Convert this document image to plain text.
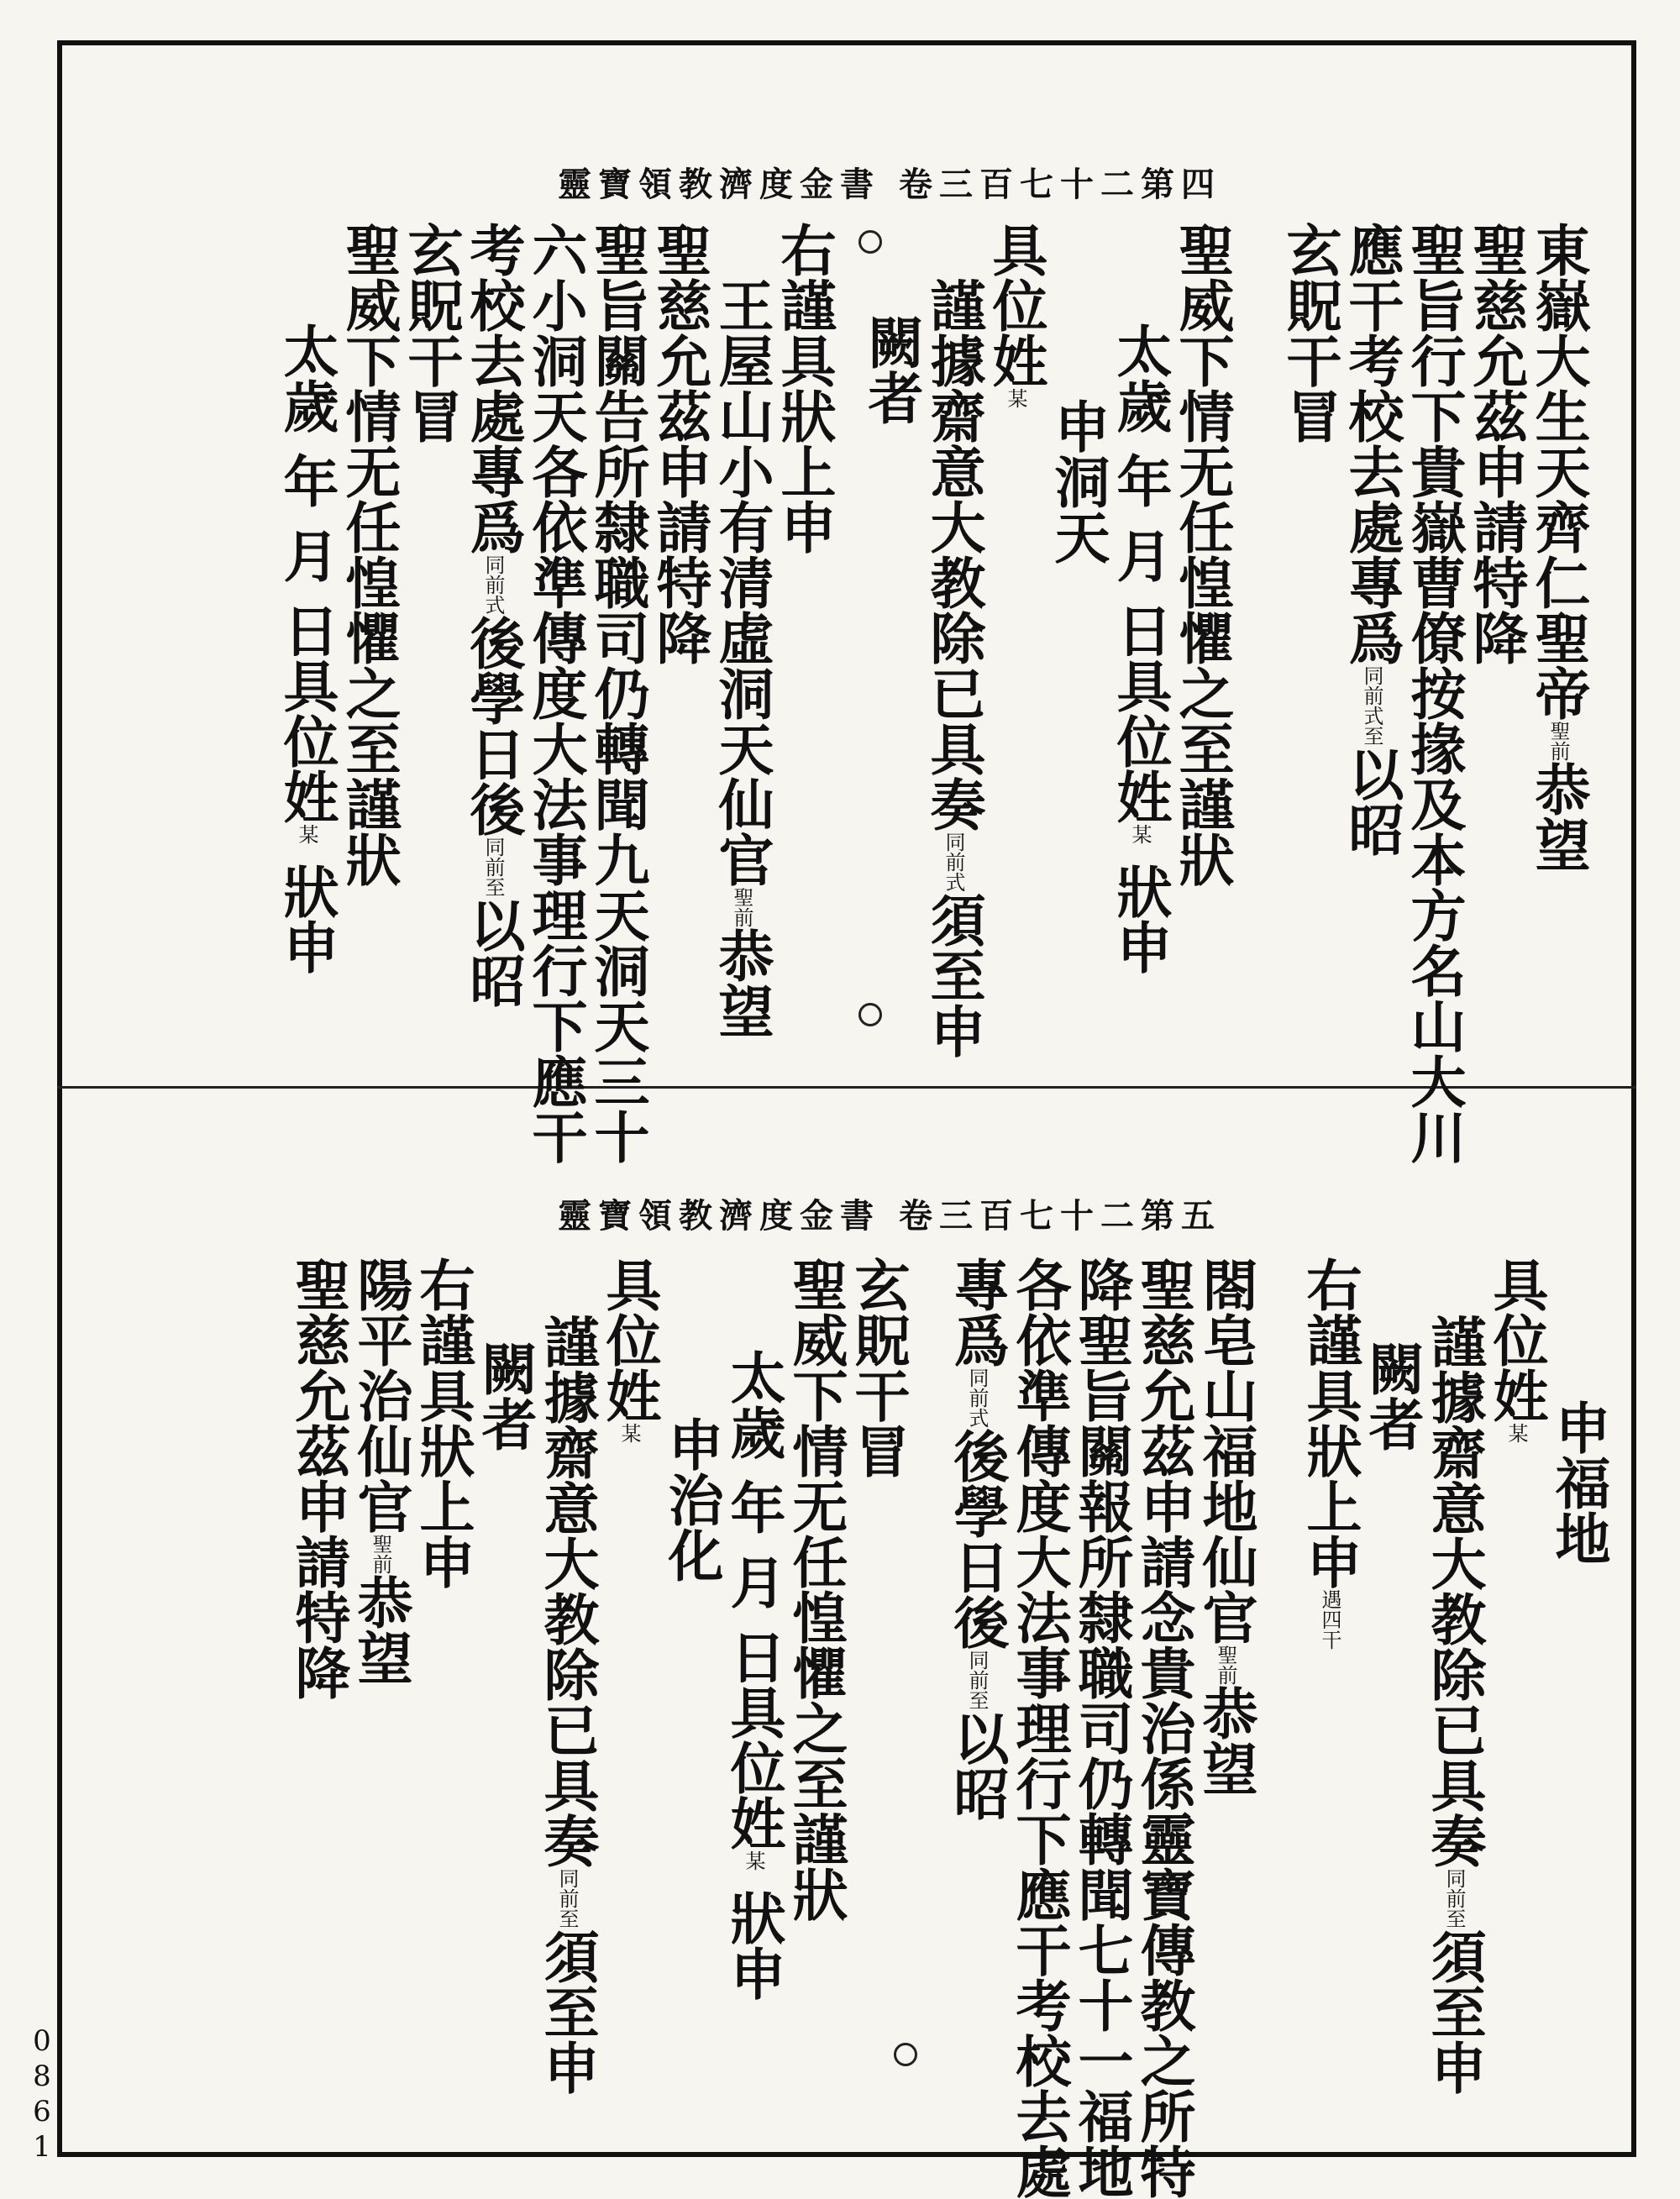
0861
靈寶領教濟度金書 卷三百七十二第四
東嶽大生天齊仁聖帝聖前恭望
聖慈允茲申請特降
聖旨行下貴嶽曹僚按掾及本方名山大川
應干考校去處專爲同前式至以昭
玄貺干冒
聖威下情无任惶懼之至謹狀
太歲 年 月 日具位姓某 狀申
申洞天
具位姓某
謹據齋意大教除已具奏同前式須至申
闕者
右謹具狀上申
王屋山小有清虛洞天仙官聖前恭望
聖慈允茲申請特降
聖旨關告所隸職司仍轉聞九天洞天三十
六小洞天各依準傳度大法事理行下應干
考校去處專爲同前式後學日後同前至以昭
玄貺干冒
聖威下情无任惶懼之至謹狀
太歲 年 月 日具位姓某 狀申
靈寶領教濟度金書 卷三百七十二第五
申福地
具位姓某
謹據齋意大教除已具奏同前至須至申
闕者
右謹具狀上申遇四干
閤皂山福地仙官聖前恭望
聖慈允茲申請念貴治係靈寶傳教之所特
降聖旨關報所隸職司仍轉聞七十一福地
各依準傳度大法事理行下應干考校去處
專爲同前式後學日後同前至以昭
玄貺干冒
聖威下情无任惶懼之至謹狀
太歲 年 月 日具位姓某 狀申
申治化
具位姓某
謹據齋意大教除已具奏同前至須至申
闕者
右謹具狀上申
陽平治仙官聖前恭望
聖慈允茲申請特降
